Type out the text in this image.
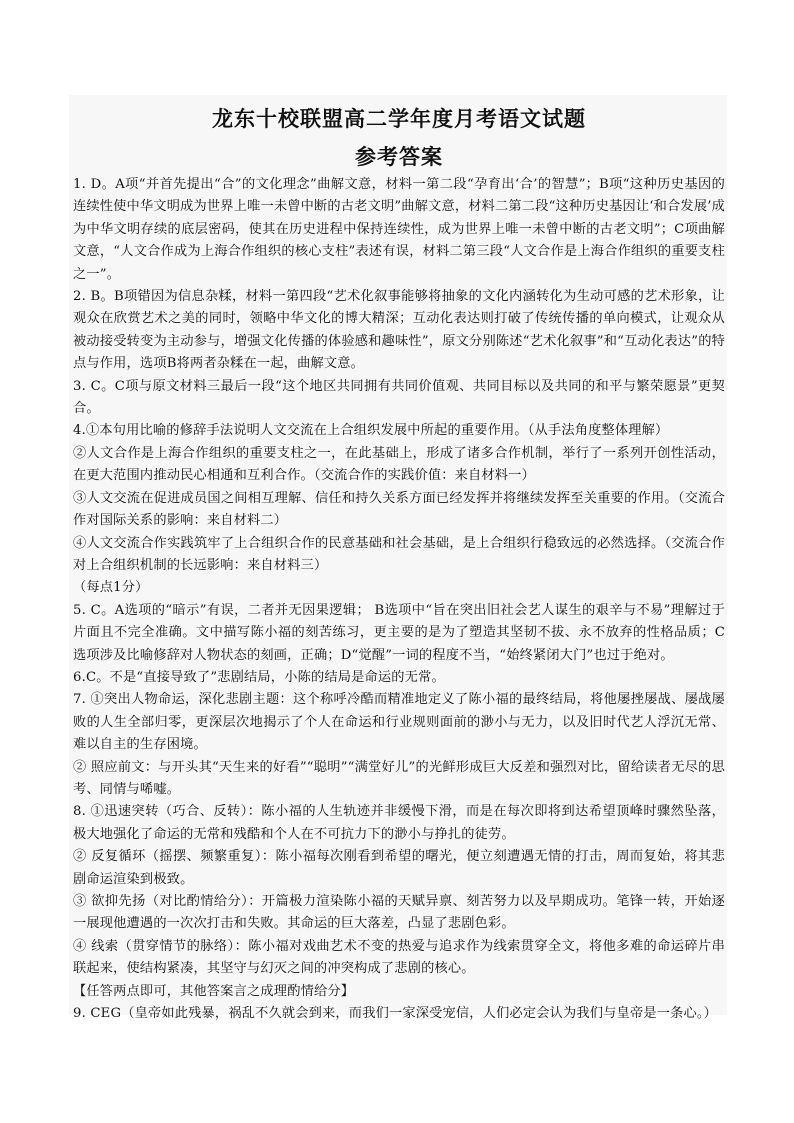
龙东十校联盟高二学年度月考语文试题
参考答案

1. D。A项“并首先提出“合”的文化理念”曲解文意，材料一第二段“孕育出‘合’的智慧”；B项“这种历史基因的连续性使中华文明成为世界上唯一未曾中断的古老文明”曲解文意，材料二第二段“这种历史基因让‘和合发展’成为中华文明存续的底层密码，使其在历史进程中保持连续性，成为世界上唯一未曾中断的古老文明”；C项曲解文意，“人文合作成为上海合作组织的核心支柱”表述有误，材料二第三段“人文合作是上海合作组织的重要支柱之一”。

2. B。B项错因为信息杂糅，材料一第四段“艺术化叙事能够将抽象的文化内涵转化为生动可感的艺术形象，让观众在欣赏艺术之美的同时，领略中华文化的博大精深；互动化表达则打破了传统传播的单向模式，让观众从被动接受转变为主动参与，增强文化传播的体验感和趣味性”，原文分别陈述“艺术化叙事”和“互动化表达”的特点与作用，选项B将两者杂糅在一起，曲解文意。

3. C。C项与原文材料三最后一段“这个地区共同拥有共同价值观、共同目标以及共同的和平与繁荣愿景”更契合。

4.①本句用比喻的修辞手法说明人文交流在上合组织发展中所起的重要作用。（从手法角度整体理解）

②人文合作是上海合作组织的重要支柱之一，在此基础上，形成了诸多合作机制，举行了一系列开创性活动，在更大范围内推动民心相通和互利合作。（交流合作的实践价值：来自材料一）

③人文交流在促进成员国之间相互理解、信任和持久关系方面已经发挥并将继续发挥至关重要的作用。（交流合作对国际关系的影响：来自材料二）

④人文交流合作实践筑牢了上合组织合作的民意基础和社会基础，是上合组织行稳致远的必然选择。（交流合作对上合组织机制的长远影响：来自材料三）

（每点1分）

5. C。A选项的“暗示”有误，二者并无因果逻辑； B选项中“旨在突出旧社会艺人谋生的艰辛与不易”理解过于片面且不完全准确。文中描写陈小福的刻苦练习，更主要的是为了塑造其坚韧不拔、永不放弃的性格品质；C选项涉及比喻修辞对人物状态的刻画，正确；D“觉醒”一词的程度不当，“始终紧闭大门”也过于绝对。

6.C。不是“直接导致了”悲剧结局，小陈的结局是命运的无常。

7. ①突出人物命运，深化悲剧主题：这个称呼冷酷而精准地定义了陈小福的最终结局，将他屡挫屡战、屡战屡败的人生全部归零，更深层次地揭示了个人在命运和行业规则面前的渺小与无力，以及旧时代艺人浮沉无常、难以自主的生存困境。

② 照应前文：与开头其“天生来的好看”“聪明”“满堂好儿”的光鲜形成巨大反差和强烈对比，留给读者无尽的思考、同情与唏嘘。

8. ①迅速突转（巧合、反转）：陈小福的人生轨迹并非缓慢下滑，而是在每次即将到达希望顶峰时骤然坠落，极大地强化了命运的无常和残酷和个人在不可抗力下的渺小与挣扎的徒劳。

② 反复循环（摇摆、频繁重复）：陈小福每次刚看到希望的曙光，便立刻遭遇无情的打击，周而复始，将其悲剧命运渲染到极致。

③ 欲抑先扬（对比酌情给分）：开篇极力渲染陈小福的天赋异禀、刻苦努力以及早期成功。笔锋一转，开始逐一展现他遭遇的一次次打击和失败。其命运的巨大落差，凸显了悲剧色彩。

④ 线索（贯穿情节的脉络）：陈小福对戏曲艺术不变的热爱与追求作为线索贯穿全文，将他多难的命运碎片串联起来，使结构紧凑，其坚守与幻灭之间的冲突构成了悲剧的核心。

【任答两点即可，其他答案言之成理酌情给分】

9. CEG（皇帝如此残暴，祸乱不久就会到来，而我们一家深受宠信，人们必定会认为我们与皇帝是一条心。）
